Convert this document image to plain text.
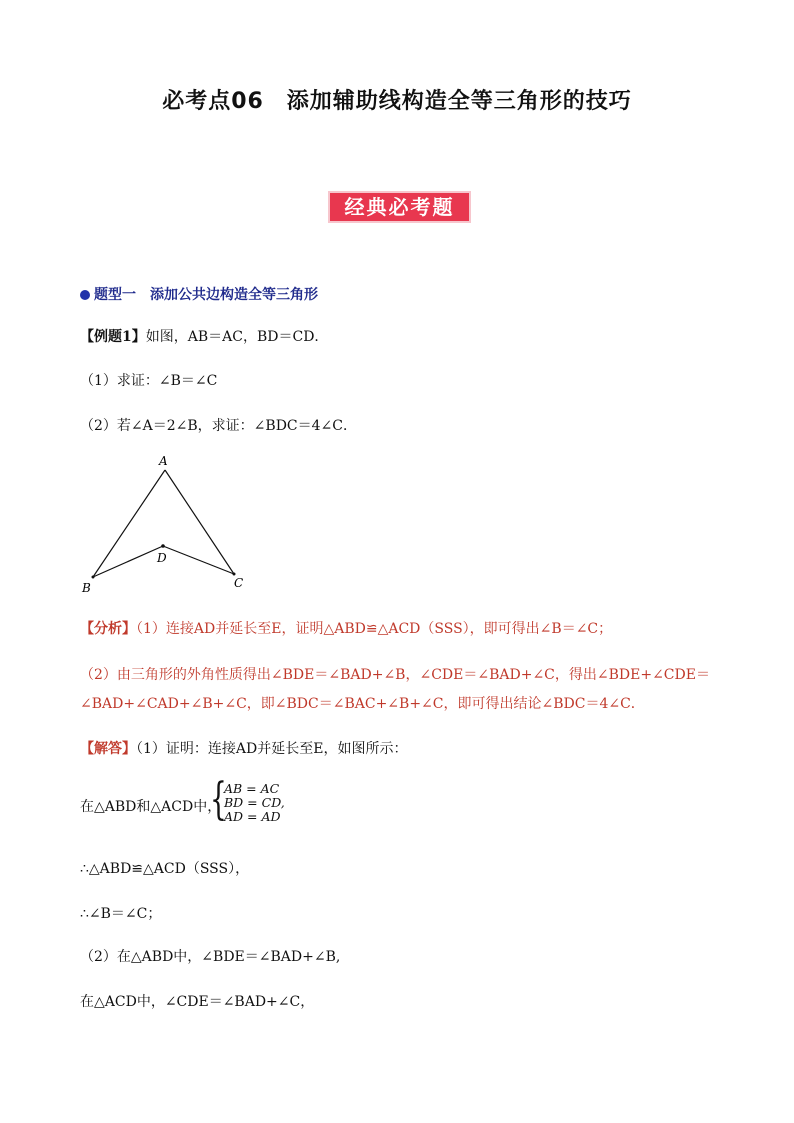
必考点06　添加辅助线构造全等三角形的技巧
经典必考题
题型一　添加公共边构造全等三角形
【例题1】如图，AB＝AC，BD＝CD．
（1）求证：∠B＝∠C
（2）若∠A＝2∠B，求证：∠BDC＝4∠C．
A
B	C
D
【分析】（1）连接AD并延长至E，证明△ABD≌△ACD（SSS），即可得出∠B＝∠C；
（2）由三角形的外角性质得出∠BDE＝∠BAD+∠B，∠CDE＝∠BAD+∠C，得出∠BDE+∠CDE＝
∠BAD+∠CAD+∠B+∠C，即∠BDC＝∠BAC+∠B+∠C，即可得出结论∠BDC＝4∠C．
【解答】（1）证明：连接AD并延长至E，如图所示：
在△ABD和△ACD中，
{
AB = AC
BD = CD,
AD = AD
∴△ABD≌△ACD（SSS），
∴∠B＝∠C；
（2）在△ABD中，∠BDE＝∠BAD+∠B,
在△ACD中，∠CDE＝∠BAD+∠C，
